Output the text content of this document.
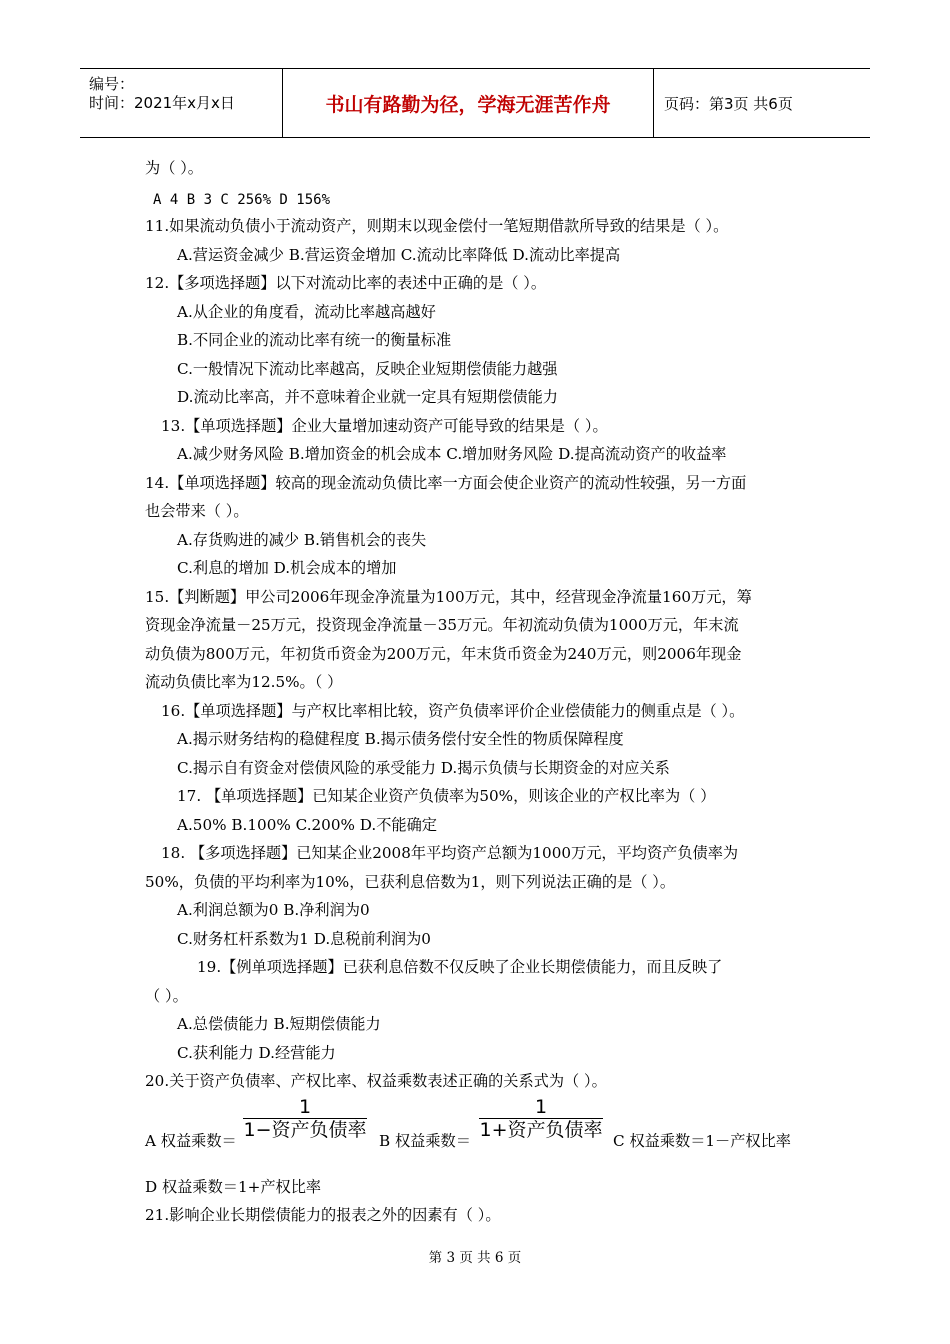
编号：
时间：2021年x月x日	书山有路勤为径，学海无涯苦作舟	页码：第3页 共6页
为（ ）。
A 4 B 3 C 256% D 156%
11.如果流动负债小于流动资产，则期末以现金偿付一笔短期借款所导致的结果是（ ）。
A.营运资金减少 B.营运资金增加 C.流动比率降低 D.流动比率提高
12.【多项选择题】以下对流动比率的表述中正确的是（ ）。
A.从企业的角度看，流动比率越高越好
B.不同企业的流动比率有统一的衡量标准
C.一般情况下流动比率越高，反映企业短期偿债能力越强
D.流动比率高，并不意味着企业就一定具有短期偿债能力
13.【单项选择题】企业大量增加速动资产可能导致的结果是（ ）。
A.减少财务风险 B.增加资金的机会成本 C.增加财务风险 D.提高流动资产的收益率
14.【单项选择题】较高的现金流动负债比率一方面会使企业资产的流动性较强，另一方面
也会带来（ ）。
A.存货购进的减少 B.销售机会的丧失
C.利息的增加 D.机会成本的增加
15.【判断题】甲公司2006年现金净流量为100万元，其中，经营现金净流量160万元，筹
资现金净流量－25万元，投资现金净流量－35万元。年初流动负债为1000万元，年末流
动负债为800万元，年初货币资金为200万元，年末货币资金为240万元，则2006年现金
流动负债比率为12.5%。（ ）
16.【单项选择题】与产权比率相比较，资产负债率评价企业偿债能力的侧重点是（ ）。
A.揭示财务结构的稳健程度 B.揭示债务偿付安全性的物质保障程度
C.揭示自有资金对偿债风险的承受能力 D.揭示负债与长期资金的对应关系
17. 【单项选择题】已知某企业资产负债率为50%，则该企业的产权比率为（ ）
A.50% B.100% C.200% D.不能确定
18. 【多项选择题】已知某企业2008年平均资产总额为1000万元，平均资产负债率为
50%，负债的平均利率为10%，已获利息倍数为1，则下列说法正确的是（ ）。
A.利润总额为0 B.净利润为0
C.财务杠杆系数为1 D.息税前利润为0
19.【例单项选择题】已获利息倍数不仅反映了企业长期偿债能力，而且反映了
（ ）。
A.总偿债能力 B.短期偿债能力
C.获利能力 D.经营能力
20.关于资产负债率、产权比率、权益乘数表述正确的关系式为（ ）。
A 权益乘数＝
1
1−资产负债率 B 权益乘数＝
1
1+资产负债率 C 权益乘数＝1－产权比率
D 权益乘数＝1+产权比率
21.影响企业长期偿债能力的报表之外的因素有（ ）。
第 3 页 共 6 页
